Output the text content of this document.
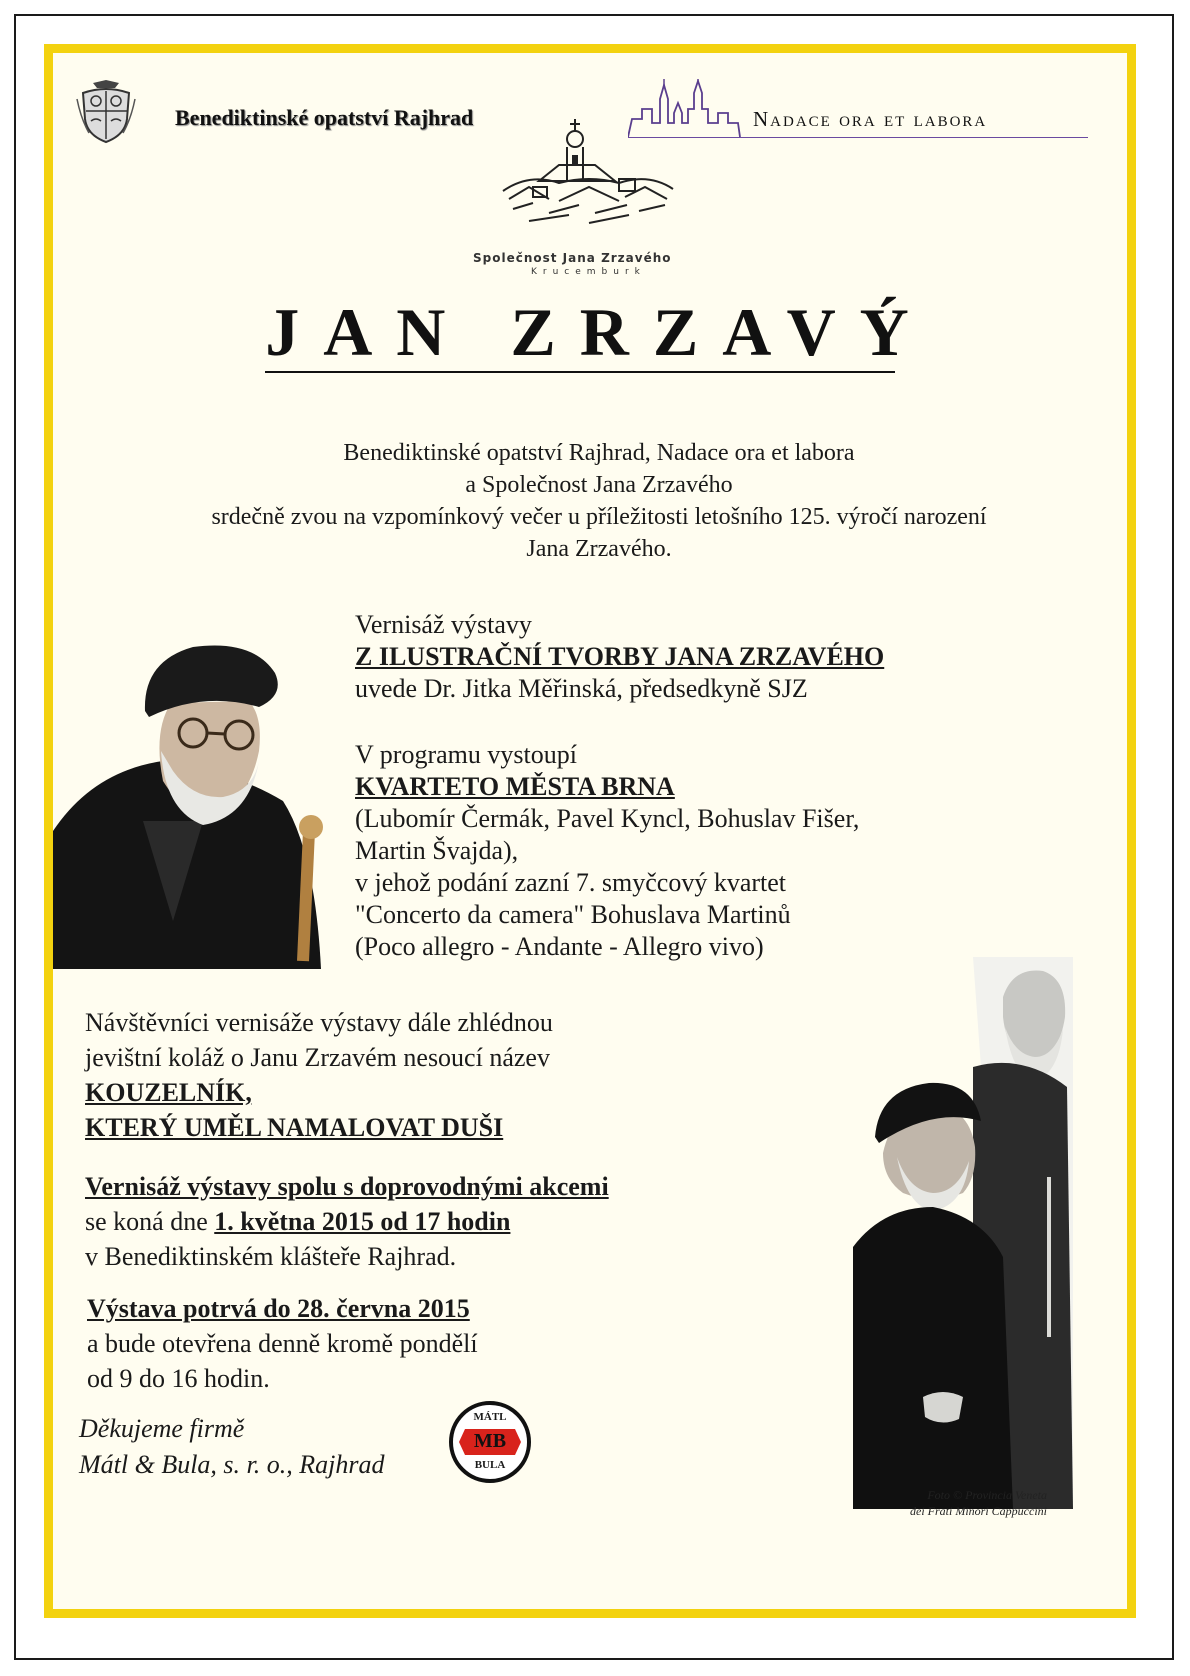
Benediktinské opatství Rajhrad	Nadace ora et labora
Společnost Jana Zrzavého
Krucemburk
JAN ZRZAVÝ
Benediktinské opatství Rajhrad, Nadace ora et labora
a Společnost Jana Zrzavého
srdečně zvou na vzpomínkový večer u příležitosti letošního 125. výročí narození
Jana Zrzavého.
Vernisáž výstavy
Z ILUSTRAČNÍ TVORBY JANA ZRZAVÉHO
uvede Dr. Jitka Měřinská, předsedkyně SJZ
V programu vystoupí
KVARTETO MĚSTA BRNA
(Lubomír Čermák, Pavel Kyncl, Bohuslav Fišer,
Martin Švajda),
v jehož podání zazní 7. smyčcový kvartet
"Concerto da camera" Bohuslava Martinů
(Poco allegro - Andante - Allegro vivo)
Návštěvníci vernisáže výstavy dále zhlédnou
jevištní koláž o Janu Zrzavém nesoucí název
KOUZELNÍK,
KTERÝ UMĚL NAMALOVAT DUŠI
Vernisáž výstavy spolu s doprovodnými akcemi
se koná dne 1. května 2015 od 17 hodin
v Benediktinském klášteře Rajhrad.
Výstava potrvá do 28. června 2015
a bude otevřena denně kromě pondělí
od 9 do 16 hodin.
Děkujeme firmě
Mátl & Bula, s. r. o., Rajhrad
MÁTL
MB
BULA
Foto © Provincia Veneta
dei Frati Minori Cappuccini
